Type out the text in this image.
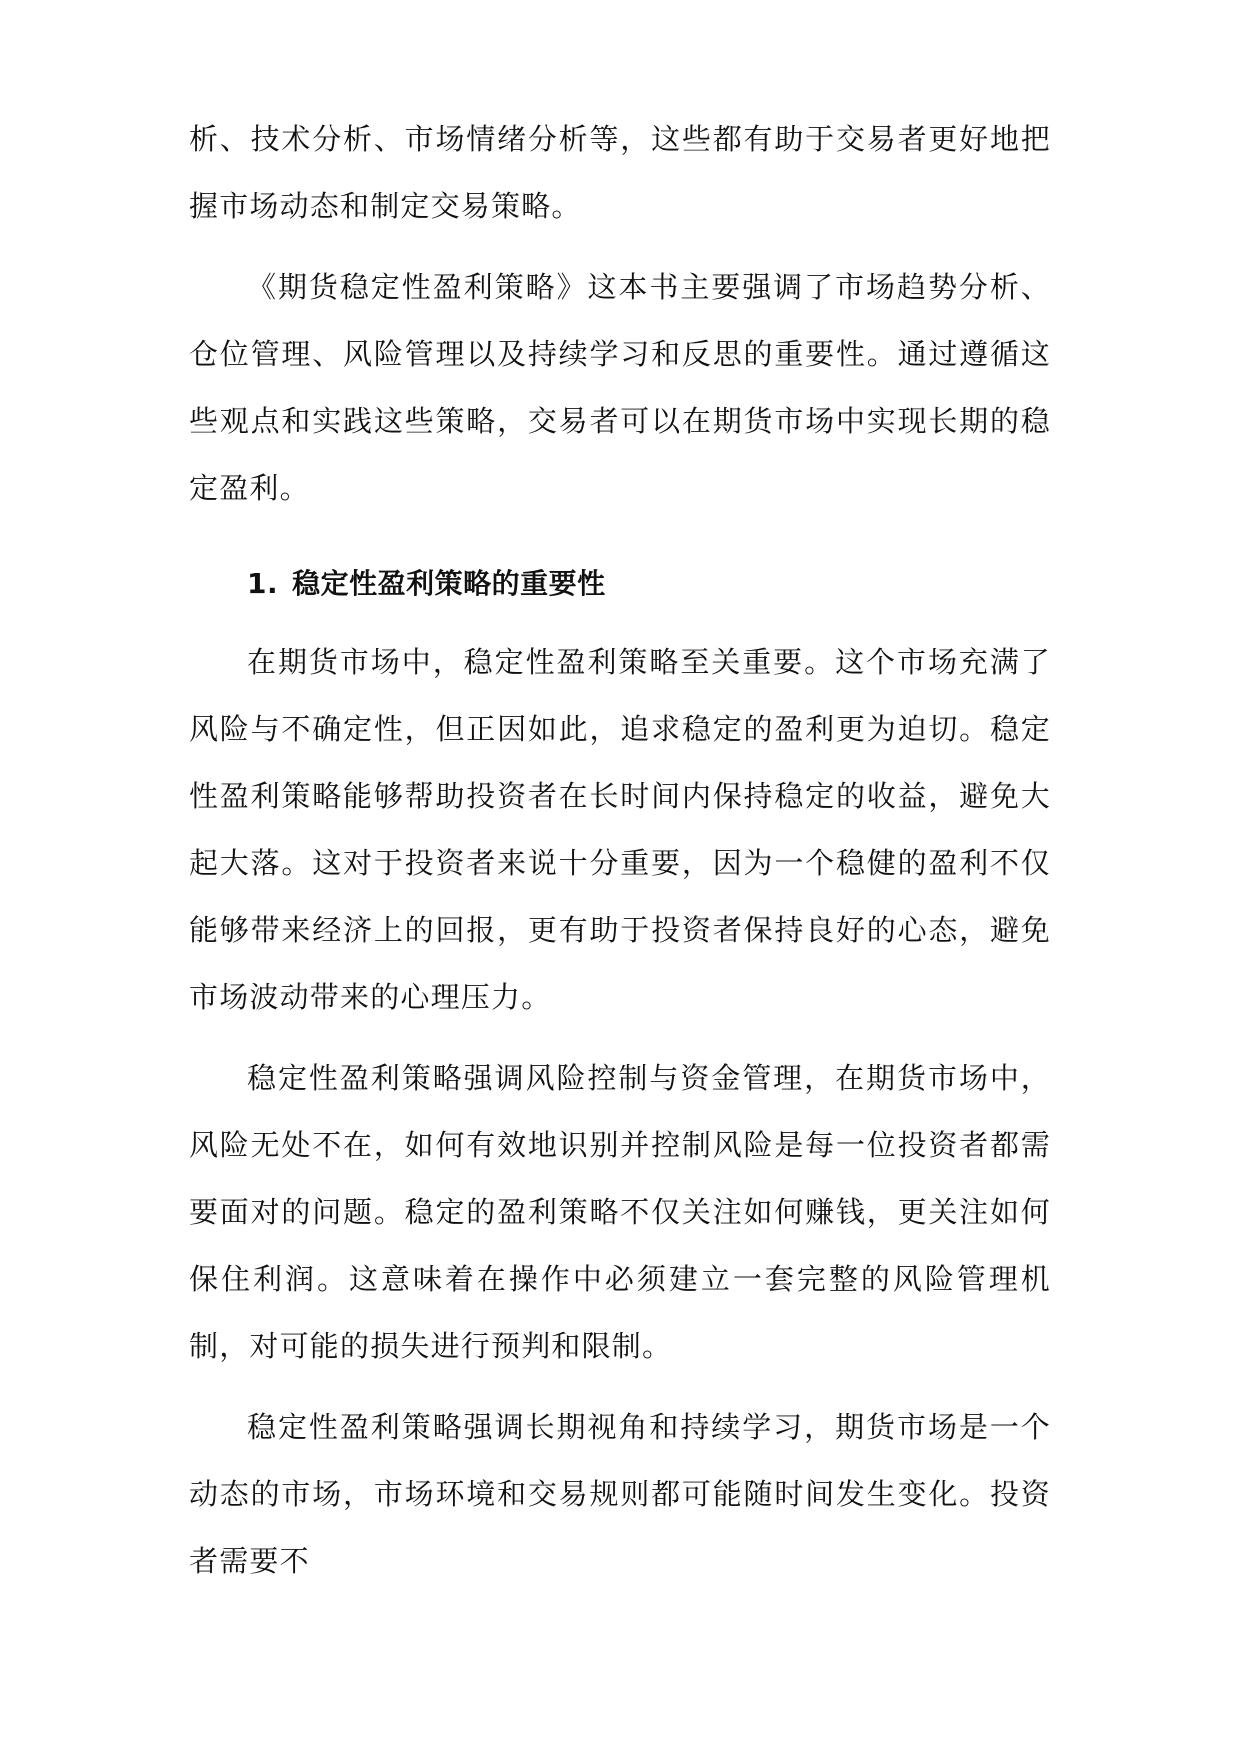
析、技术分析、市场情绪分析等，这些都有助于交易者更好地把握市场动态和制定交易策略。

《期货稳定性盈利策略》这本书主要强调了市场趋势分析、仓位管理、风险管理以及持续学习和反思的重要性。通过遵循这些观点和实践这些策略，交易者可以在期货市场中实现长期的稳定盈利。

1. 稳定性盈利策略的重要性

在期货市场中，稳定性盈利策略至关重要。这个市场充满了风险与不确定性，但正因如此，追求稳定的盈利更为迫切。稳定性盈利策略能够帮助投资者在长时间内保持稳定的收益，避免大起大落。这对于投资者来说十分重要，因为一个稳健的盈利不仅能够带来经济上的回报，更有助于投资者保持良好的心态，避免市场波动带来的心理压力。

稳定性盈利策略强调风险控制与资金管理，在期货市场中，风险无处不在，如何有效地识别并控制风险是每一位投资者都需要面对的问题。稳定的盈利策略不仅关注如何赚钱，更关注如何保住利润。这意味着在操作中必须建立一套完整的风险管理机制，对可能的损失进行预判和限制。

稳定性盈利策略强调长期视角和持续学习，期货市场是一个动态的市场，市场环境和交易规则都可能随时间发生变化。投资者需要不
